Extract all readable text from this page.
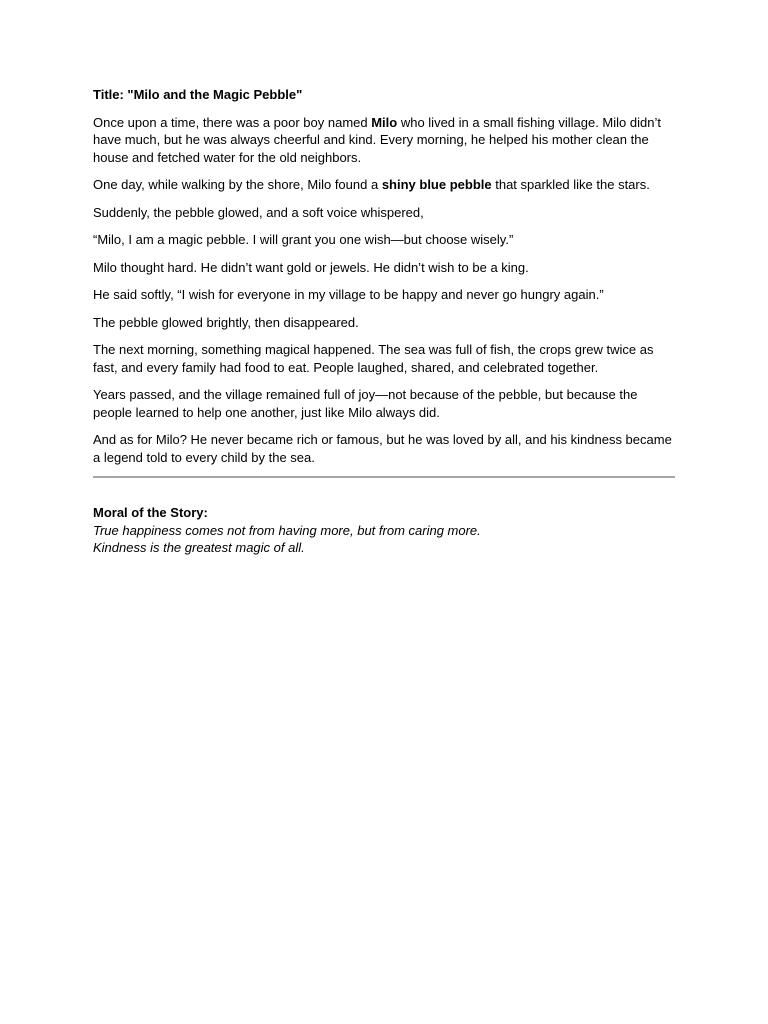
Title: "Milo and the Magic Pebble"

Once upon a time, there was a poor boy named Milo who lived in a small fishing village. Milo didn’t have much, but he was always cheerful and kind. Every morning, he helped his mother clean the house and fetched water for the old neighbors.

One day, while walking by the shore, Milo found a shiny blue pebble that sparkled like the stars.

Suddenly, the pebble glowed, and a soft voice whispered,

“Milo, I am a magic pebble. I will grant you one wish—but choose wisely.”

Milo thought hard. He didn’t want gold or jewels. He didn’t wish to be a king.

He said softly, “I wish for everyone in my village to be happy and never go hungry again.”

The pebble glowed brightly, then disappeared.

The next morning, something magical happened. The sea was full of fish, the crops grew twice as fast, and every family had food to eat. People laughed, shared, and celebrated together.

Years passed, and the village remained full of joy—not because of the pebble, but because the people learned to help one another, just like Milo always did.

And as for Milo? He never became rich or famous, but he was loved by all, and his kindness became a legend told to every child by the sea.

Moral of the Story:

True happiness comes not from having more, but from caring more.

Kindness is the greatest magic of all.
